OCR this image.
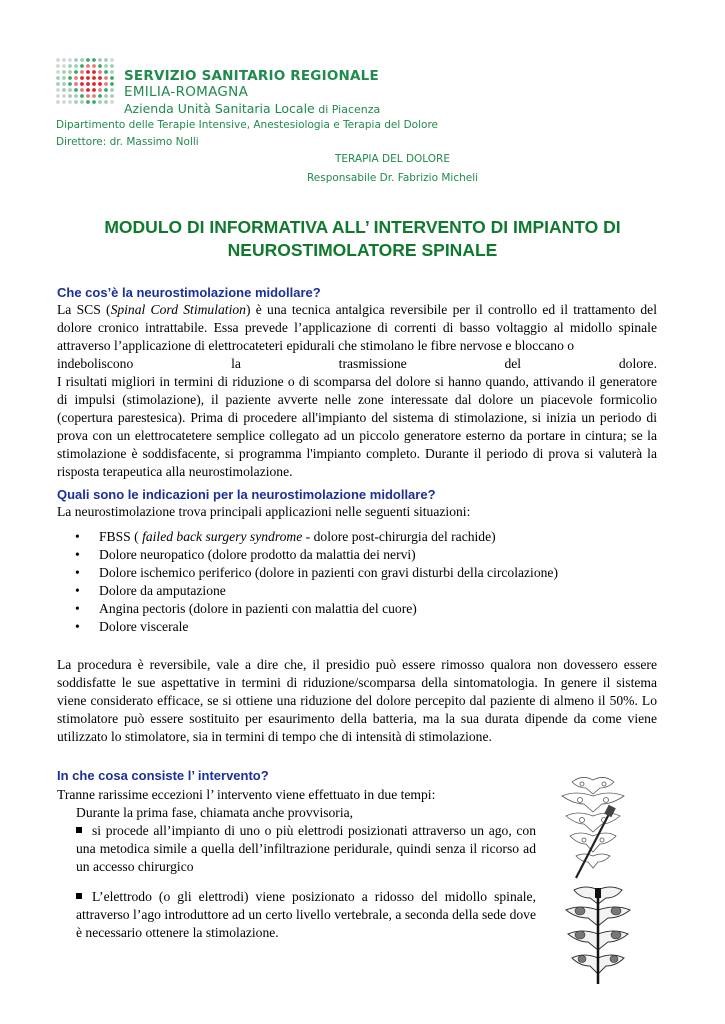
SERVIZIO SANITARIO REGIONALE
EMILIA-ROMAGNA
Azienda Unità Sanitaria Locale di Piacenza
Dipartimento delle Terapie Intensive, Anestesiologia e Terapia del Dolore
Direttore: dr. Massimo Nolli
TERAPIA DEL DOLORE
Responsabile Dr. Fabrizio Micheli
MODULO DI INFORMATIVA ALL’ INTERVENTO DI IMPIANTO DI
NEUROSTIMOLATORE SPINALE
Che cos’è la neurostimolazione midollare?

La SCS (Spinal Cord Stimulation) è una tecnica antalgica reversibile per il controllo ed il trattamento del dolore cronico intrattabile. Essa prevede l’applicazione di correnti di basso voltaggio al midollo spinale attraverso l’applicazione di elettrocateteri epidurali che stimolano le fibre nervose e bloccano o

indeboliscono la trasmissione del dolore.

I risultati migliori in termini di riduzione o di scomparsa del dolore si hanno quando, attivando il generatore di impulsi (stimolazione), il paziente avverte nelle zone interessate dal dolore un piacevole formicolio (copertura parestesica). Prima di procedere all'impianto del sistema di stimolazione, si inizia un periodo di prova con un elettrocatetere semplice collegato ad un piccolo generatore esterno da portare in cintura; se la stimolazione è soddisfacente, si programma l'impianto completo. Durante il periodo di prova si valuterà la risposta terapeutica alla neurostimolazione.

Quali sono le indicazioni per la neurostimolazione midollare?
La neurostimolazione trova principali applicazioni nelle seguenti situazioni:
• FBSS ( failed back surgery syndrome - dolore post-chirurgia del rachide)
• Dolore neuropatico (dolore prodotto da malattia dei nervi)
• Dolore ischemico periferico (dolore in pazienti con gravi disturbi della circolazione)
• Dolore da amputazione
• Angina pectoris (dolore in pazienti con malattia del cuore)
• Dolore viscerale
La procedura è reversibile, vale a dire che, il presidio può essere rimosso qualora non dovessero essere soddisfatte le sue aspettative in termini di riduzione/scomparsa della sintomatologia. In genere il sistema viene considerato efficace, se si ottiene una riduzione del dolore percepito dal paziente di almeno il 50%. Lo stimolatore può essere sostituito per esaurimento della batteria, ma la sua durata dipende da come viene utilizzato lo stimolatore, sia in termini di tempo che di intensità di stimolazione.
In che cosa consiste l’ intervento?
Tranne rarissime eccezioni l’ intervento viene effettuato in due tempi:
Durante la prima fase, chiamata anche provvisoria,

si procede all’impianto di uno o più elettrodi posizionati attraverso un ago, con una metodica simile a quella dell’infiltrazione peridurale, quindi senza il ricorso ad un accesso chirurgico

L’elettrodo (o gli elettrodi) viene posizionato a ridosso del midollo spinale, attraverso l’ago introduttore ad un certo livello vertebrale, a seconda della sede dove è necessario ottenere la stimolazione.
